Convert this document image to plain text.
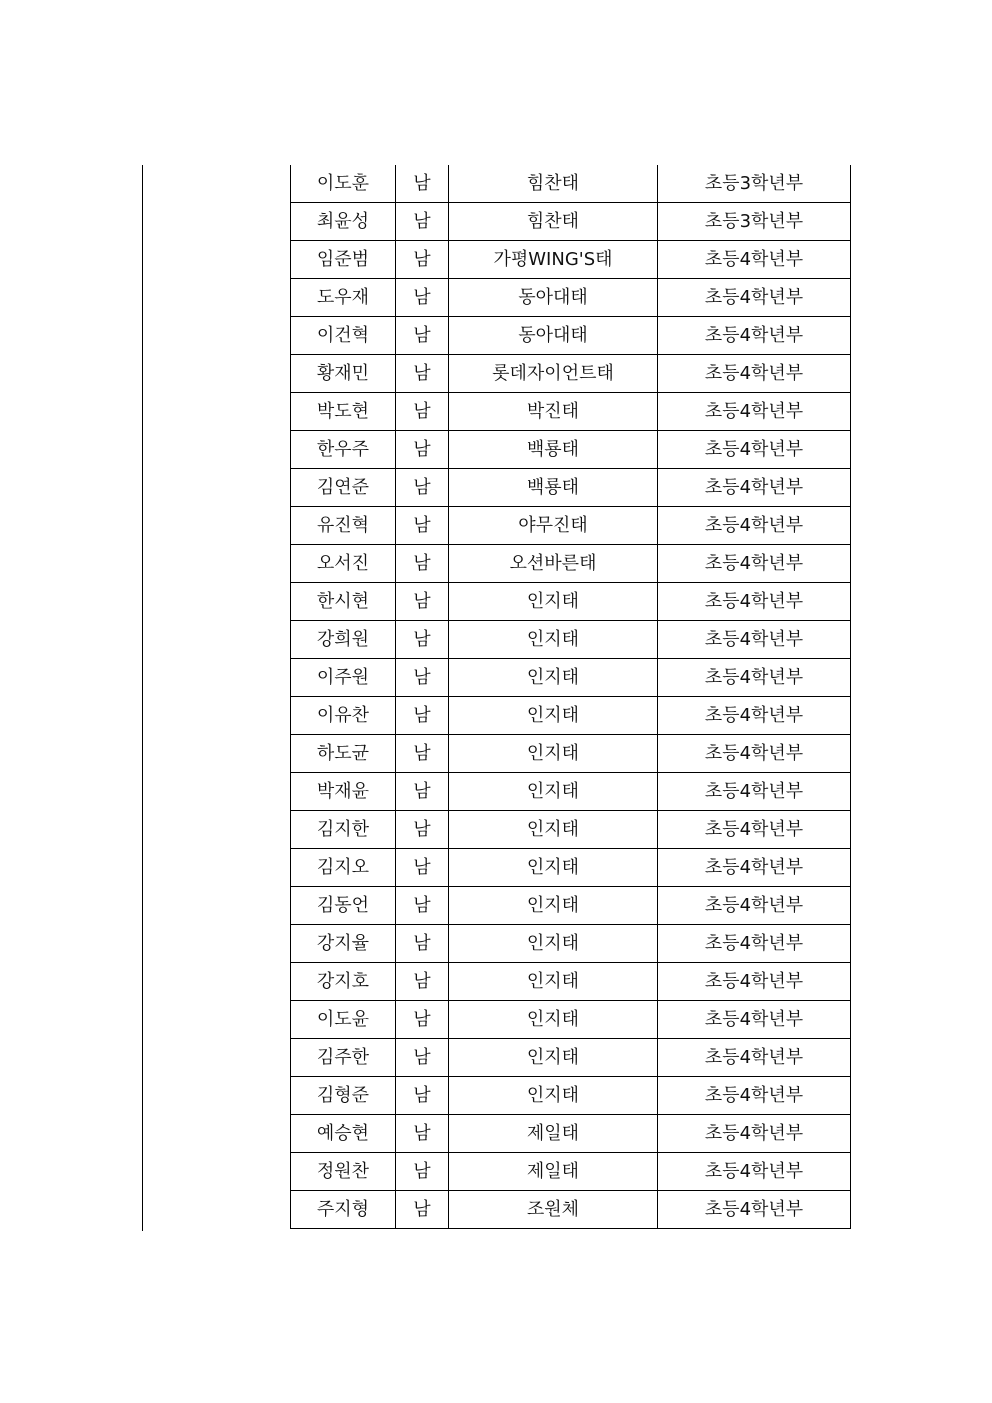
이도훈	남	힘찬태	초등3학년부
최윤성	남	힘찬태	초등3학년부
임준범	남	가평WING'S태	초등4학년부
도우재	남	동아대태	초등4학년부
이건혁	남	동아대태	초등4학년부
황재민	남	롯데자이언트태	초등4학년부
박도현	남	박진태	초등4학년부
한우주	남	백룡태	초등4학년부
김연준	남	백룡태	초등4학년부
유진혁	남	야무진태	초등4학년부
오서진	남	오션바른태	초등4학년부
한시현	남	인지태	초등4학년부
강희원	남	인지태	초등4학년부
이주원	남	인지태	초등4학년부
이유찬	남	인지태	초등4학년부
하도균	남	인지태	초등4학년부
박재윤	남	인지태	초등4학년부
김지한	남	인지태	초등4학년부
김지오	남	인지태	초등4학년부
김동언	남	인지태	초등4학년부
강지율	남	인지태	초등4학년부
강지호	남	인지태	초등4학년부
이도윤	남	인지태	초등4학년부
김주한	남	인지태	초등4학년부
김형준	남	인지태	초등4학년부
예승현	남	제일태	초등4학년부
정원찬	남	제일태	초등4학년부
주지형	남	조원체	초등4학년부
